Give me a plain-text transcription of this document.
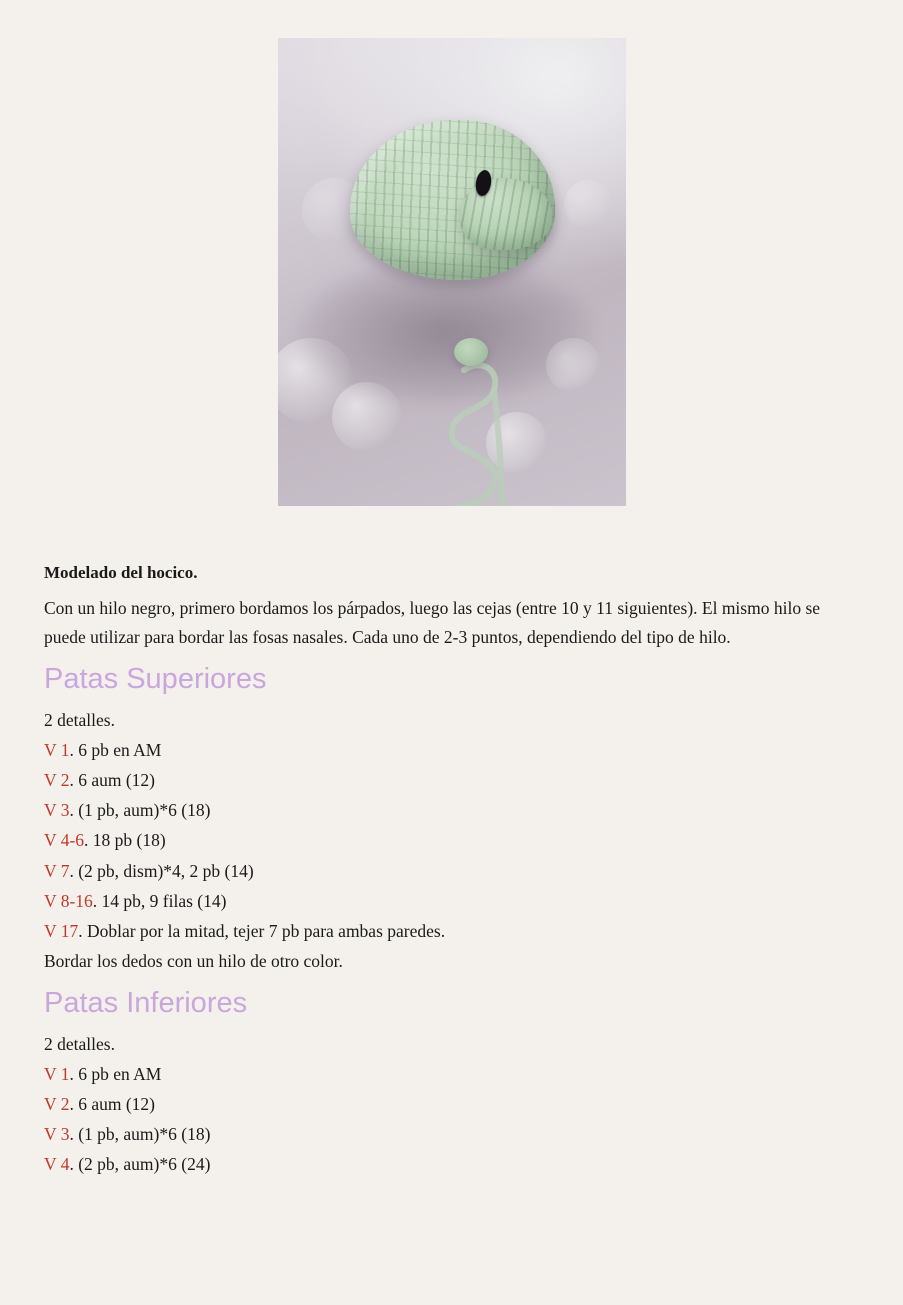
Modelado del hocico.

Con un hilo negro, primero bordamos los párpados, luego las cejas (entre 10 y 11 siguientes). El mismo hilo se puede utilizar para bordar las fosas nasales. Cada uno de 2-3 puntos, dependiendo del tipo de hilo.

Patas Superiores

2 detalles.

V 1. 6 pb en AM

V 2. 6 aum (12)

V 3. (1 pb, aum)*6 (18)

V 4-6. 18 pb (18)

V 7. (2 pb, dism)*4, 2 pb (14)

V 8-16. 14 pb, 9 filas (14)

V 17. Doblar por la mitad, tejer 7 pb para ambas paredes.

Bordar los dedos con un hilo de otro color.

Patas Inferiores

2 detalles.

V 1. 6 pb en AM

V 2. 6 aum (12)

V 3. (1 pb, aum)*6 (18)

V 4. (2 pb, aum)*6 (24)
